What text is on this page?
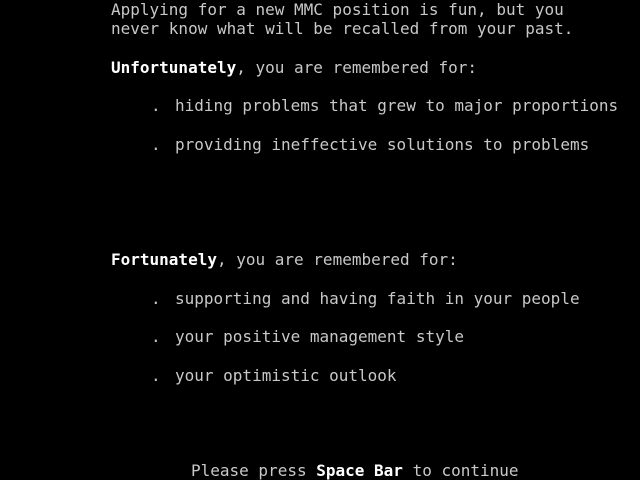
Applying for a new MMC position is fun, but you
never know what will be recalled from your past.
Unfortunately, you are remembered for:
. hiding problems that grew to major proportions
. providing ineffective solutions to problems
Fortunately, you are remembered for:
. supporting and having faith in your people
. your positive management style
. your optimistic outlook
Please press Space Bar to continue
